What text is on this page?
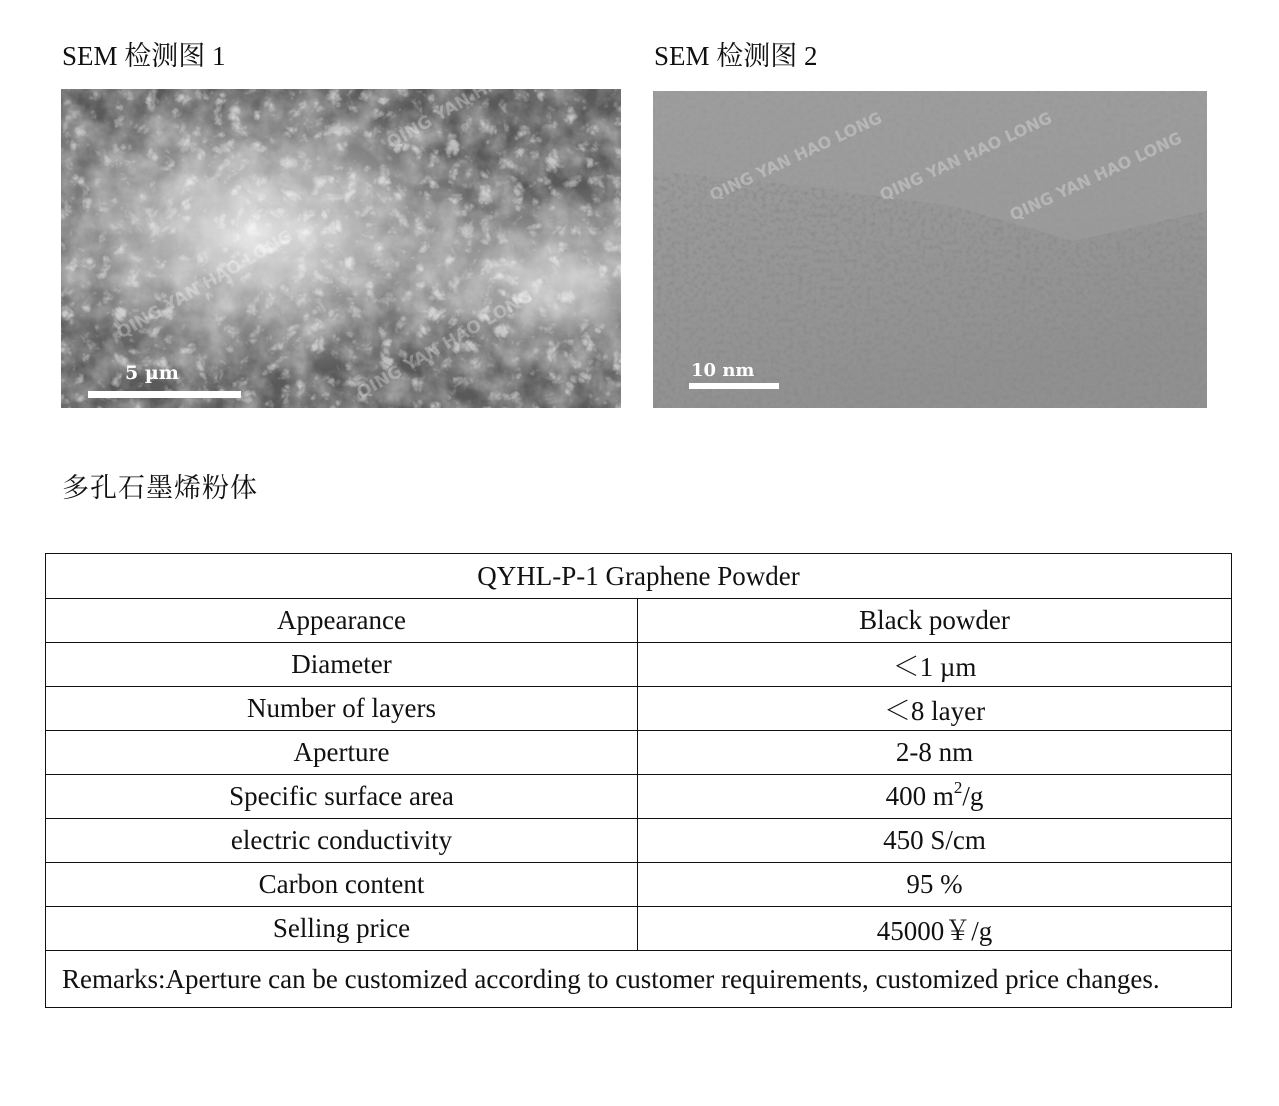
SEM 检测图 1	SEM 检测图 2
QING YAN HAO LONG
QING YAN HAO LONG
5 µm
QING YAN HAO LONG
QING YAN HAO LONG
QING YAN HAO LONG
10 nm
多孔石墨烯粉体
QYHL-P-1 Graphene Powder	
Appearance	Black powder
Diameter	＜1 µm
Number of layers	＜8 layer
Aperture	2-8 nm
Specific surface area	400 $m^2/g$
electric conductivity	450 S/cm
Carbon content	95 %
Selling price	45000￥/g

Remarks:Aperture can be customized according to customer requirements, customized price changes.	
